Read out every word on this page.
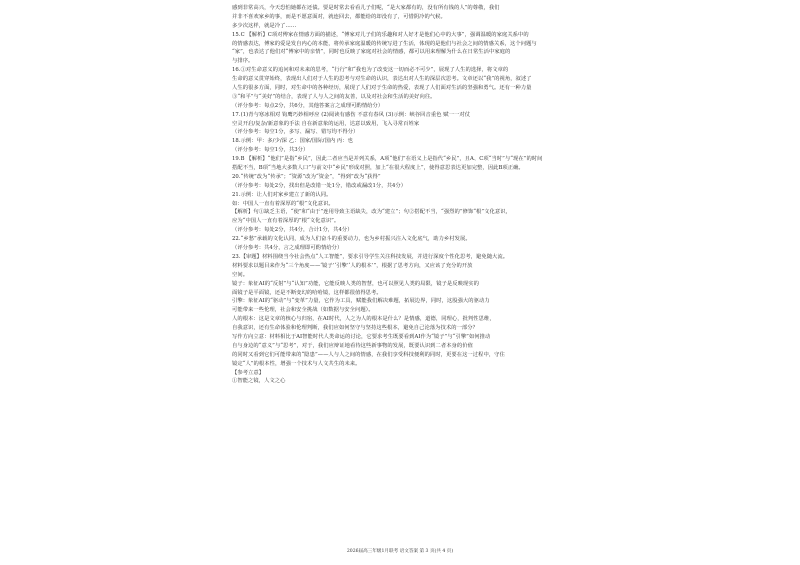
感到非常高兴，今天恐怕她都在还债。要是时常去看看儿子们呢，“是大家都有的，没有所有钱的人”的尊敬，我们
并非不喜欢家乡的事，而是不愿意面对，就连回去，都能给的却没有了，可惜阴冷的气候。
多少次这样，就是冷了……
15.C 【解析】C项对傅家在情感方面的描述，“傅家对儿子们的乐趣和对人好才是他们心中的大事”，强调温暖的家庭关系中的
的情感表达，傅家的爱是发自内心的本能，将传承家庭温暖的传统写进了生活，体现的是他们与社会之间的情感关系，这个问题与
“家”，也表达了他们对“傅家中的亲情”，同时也反映了家庭对社会的情感，都可以用来理解为什么在日常生活中家庭的
与排序。
16.①对生命意义的追问和对未来的思考，“行行”和“我也为了改变这一切而必不可少”，展现了人生的选择，将文章的
生命的意义贯穿始终，表现出人们对于人生的思考与对生命的认识，表达出对人生的深层次思考。文章还以“我”的视角，叙述了
人生的很多方面，同时，对生命中的各种经历，展现了人们对于生命的热爱，表现了人们面对生活的坚强和勇气。还有一种力量
③“和平”与“美好”的结合，表现了人与人之间的友善，以及对社会和生活的美好向往。
（评分参考：每点2分，共6分，其他答案言之成理可酌情给分）
17.(1)青与寒冰相对 钩鹰巧妙相呼应 (2)阅读有感伤 不意有春风 (3)示例：峡谷回音重色 赋一一对仗
空灵开启/复杂/新意象的手法 自在新意象的运用，达意以致用，飞入寻常百姓家
（评分参考：每空1分，多写、漏写、错写均不得分）
18.示例：甲：多/少/深 乙：国家/国际/国内 丙：也
（评分参考：每空1分，共3分）
19.B 【解析】“他们”是指“乡民”，因此二者应当是并列关系，A项“他们”在语义上是指代“乡民”，且A、C项“当时”与“现在”的时间
搭配不当，B项“当地大多数人口”与前文中“乡民”形成对照，加上“在很大程度上”，使得意思表达更加完整，因此B项正确。
20.“传统”改为“传承”；“资源”改为“资金”，“得到”改为“获得”
（评分参考：每处2分，找出但是改错一处1分，错改或漏改1分，共4分）
21.示例：让人们对家乡建立了新的认同。
如：中国人一直有着深厚的“根”文化意识。
【解析】句①缺乏主语，“使”和“由于”连用导致主语缺失，改为“建立”；句②搭配不当，“强烈的”修饰“根”文化意识，
应为“中国人一直有着深厚的”根“文化意识”。
（评分参考：每处2分，共4分，合计1分，共4分）
22.“乡愁”承载的文化认同，成为人们奋斗的重要动力，也为乡村振兴注入文化底气，助力乡村发展。
（评分参考：共4分，言之成理即可酌情给分）
23.【审题】材料围绕当今社会热点“人工智能”，要求引导学生关注科技发展，并进行深度个性化思考，避免随大流。
材料要求以题目来作为“三个角度——‘镜子’‘引擎’‘人的根本’”，根据了思考方向，又应该了充分的开放
空间。
镜子：象征AI的“反射”与“认知”功能，它能反映人类的智慧，也可以照见人类的局限，镜子是反映现实的
面镜子是平面镜，还是不断变幻的哈哈镜，这样都很值得思考。
引擎：象征AI的“驱动”与“变革”力量，它作为工具，赋能我们解决难题，拓展边界，同时，这股强大的驱动力
可能带来一些伦理，社会和安全挑战（如数据与安全问题）。
人的根本：这是文章的核心与归宿，在AI时代，人之为人的根本是什么？是情感，道德，同理心，批判性思维，
自我意识，还有生命体验和伦理判断，我们应如何坚守与坚持这些根本，避免自己沦落为技术的一部分？
写作方向立意：材料相比于AI智能时代人类命运的讨论，它要求考生既要看到AI作为“镜子”与“引擎”如何推动
自与身边的“意义”与“思考”，对于，我们应辩证地看待这些新事物的发展，既要认识到二者本身的价值
的同时又看到它们可能带来的“隐患”——人与人之间的情感，在我们享受科技便利的同时，更要在这一过程中，守住
镜定“人”的根本性，增强一个技术与人文共生的未来。
【参考立意】
①智能之镜，人文之心
2026届高三年级1月联考 语文答案 第 3 页(共 4 页)
